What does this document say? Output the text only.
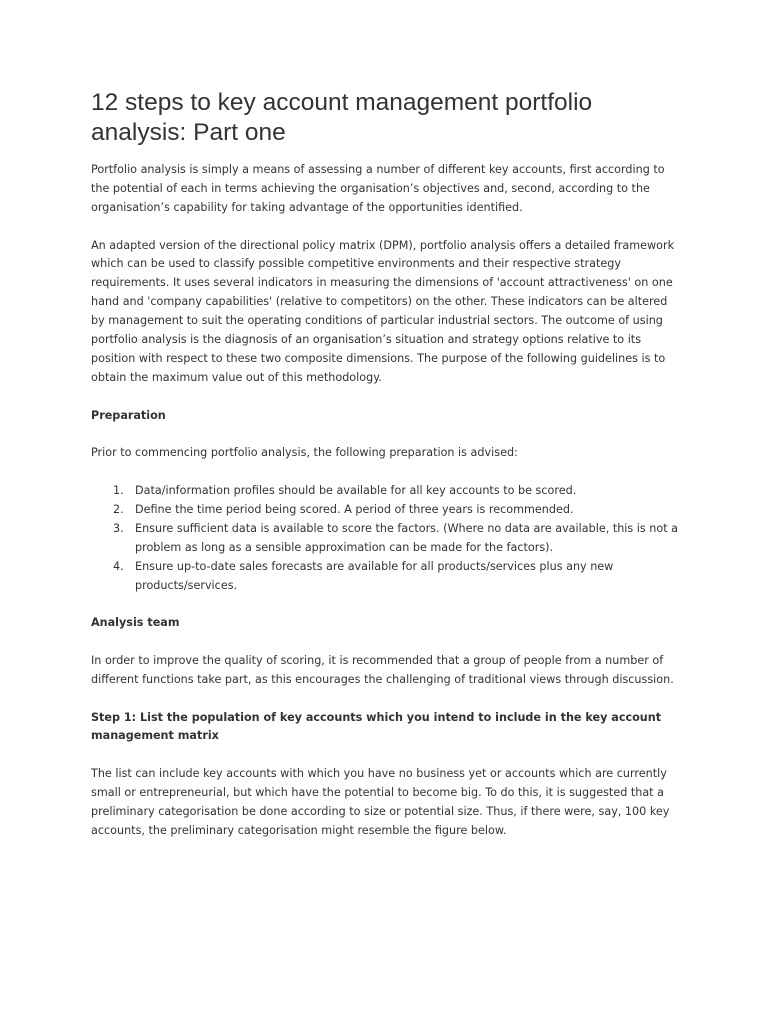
12 steps to key account management portfolio analysis: Part one

Portfolio analysis is simply a means of assessing a number of different key accounts, first according to the potential of each in terms achieving the organisation’s objectives and, second, according to the organisation’s capability for taking advantage of the opportunities identified.

An adapted version of the directional policy matrix (DPM), portfolio analysis offers a detailed framework which can be used to classify possible competitive environments and their respective strategy requirements. It uses several indicators in measuring the dimensions of 'account attractiveness' on one hand and 'company capabilities' (relative to competitors) on the other. These indicators can be altered by management to suit the operating conditions of particular industrial sectors. The outcome of using portfolio analysis is the diagnosis of an organisation’s situation and strategy options relative to its position with respect to these two composite dimensions. The purpose of the following guidelines is to obtain the maximum value out of this methodology.

Preparation

Prior to commencing portfolio analysis, the following preparation is advised:

1. Data/information profiles should be available for all key accounts to be scored.
2. Define the time period being scored. A period of three years is recommended.
3. Ensure sufficient data is available to score the factors. (Where no data are available, this is not a problem as long as a sensible approximation can be made for the factors).
4. Ensure up-to-date sales forecasts are available for all products/services plus any new products/services.

Analysis team

In order to improve the quality of scoring, it is recommended that a group of people from a number of different functions take part, as this encourages the challenging of traditional views through discussion.

Step 1: List the population of key accounts which you intend to include in the key account management matrix

The list can include key accounts with which you have no business yet or accounts which are currently small or entrepreneurial, but which have the potential to become big. To do this, it is suggested that a preliminary categorisation be done according to size or potential size. Thus, if there were, say, 100 key accounts, the preliminary categorisation might resemble the figure below.
